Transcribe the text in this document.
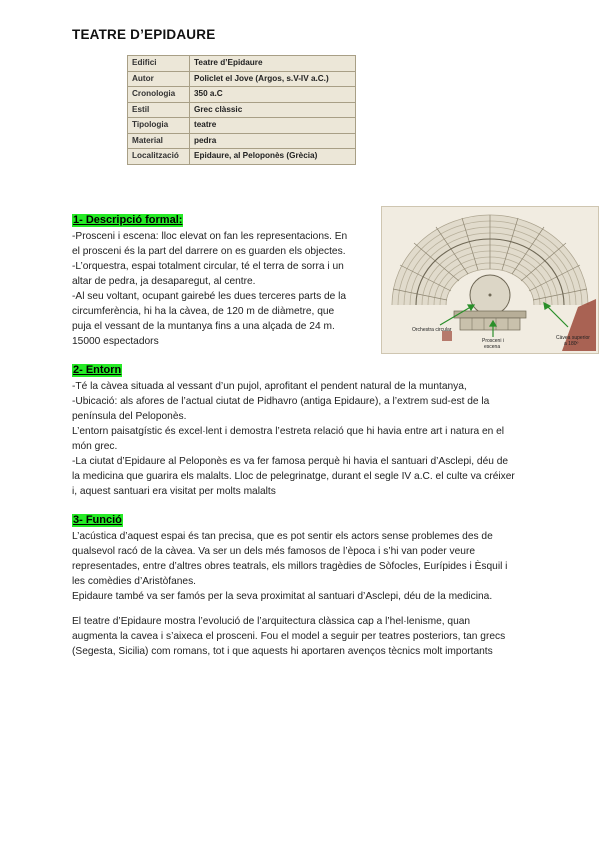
TEATRE D’EPIDAURE
Edifici	Teatre d’Epidaure
Autor	Policlet el Jove (Argos, s.V-IV a.C.)
Cronologia	350 a.C
Estil	Grec clàssic
Tipologia	teatre
Material	pedra
Localització	Epidaure, al Peloponès (Grècia)
1- Descripció formal:

-Prosceni i escena: lloc elevat on fan les representacions. En

el prosceni és la part del darrere on es guarden els objectes.

-L’orquestra, espai totalment circular, té el terra de sorra i un

altar de pedra, ja desaparegut, al centre.

-Al seu voltant, ocupant gairebé les dues terceres parts de la

circumferència, hi ha la càvea, de 120 m de diàmetre, que

puja el vessant de la muntanya fins a una alçada de 24 m.

15000 espectadors

Orchestra circular
Prosceni i
escena
Càvea superior
a 180º
2- Entorn

-Té la càvea situada al vessant d’un pujol, aprofitant el pendent natural de la muntanya,

-Ubicació: als afores de l’actual ciutat de Pidhavro (antiga Epidaure), a l’extrem sud-est de la

península del Peloponès.

L’entorn paisatgístic és excel·lent i demostra l’estreta relació que hi havia entre art i natura en el

món grec.

-La ciutat d’Epidaure al Peloponès es va fer famosa perquè hi havia el santuari d’Asclepi, déu de

la medicina que guarira els malalts. Lloc de pelegrinatge, durant el segle IV a.C. el culte va créixer

i, aquest santuari era visitat per molts malalts

3- Funció

L’acústica d’aquest espai és tan precisa, que es pot sentir els actors sense problemes des de

qualsevol racó de la càvea. Va ser un dels més famosos de l’època i s’hi van poder veure

representades, entre d’altres obres teatrals, els millors tragèdies de Sòfocles, Eurípides i Èsquil i

les comèdies d’Aristòfanes.

Epidaure també va ser famós per la seva proximitat al santuari d’Asclepi, déu de la medicina.

El teatre d’Epidaure mostra l’evolució de l’arquitectura clàssica cap a l’hel·lenisme, quan

augmenta la cavea i s’aixeca el prosceni. Fou el model a seguir per teatres posteriors, tan grecs

(Segesta, Sicilia) com romans, tot i que aquests hi aportaren avenços tècnics molt importants
